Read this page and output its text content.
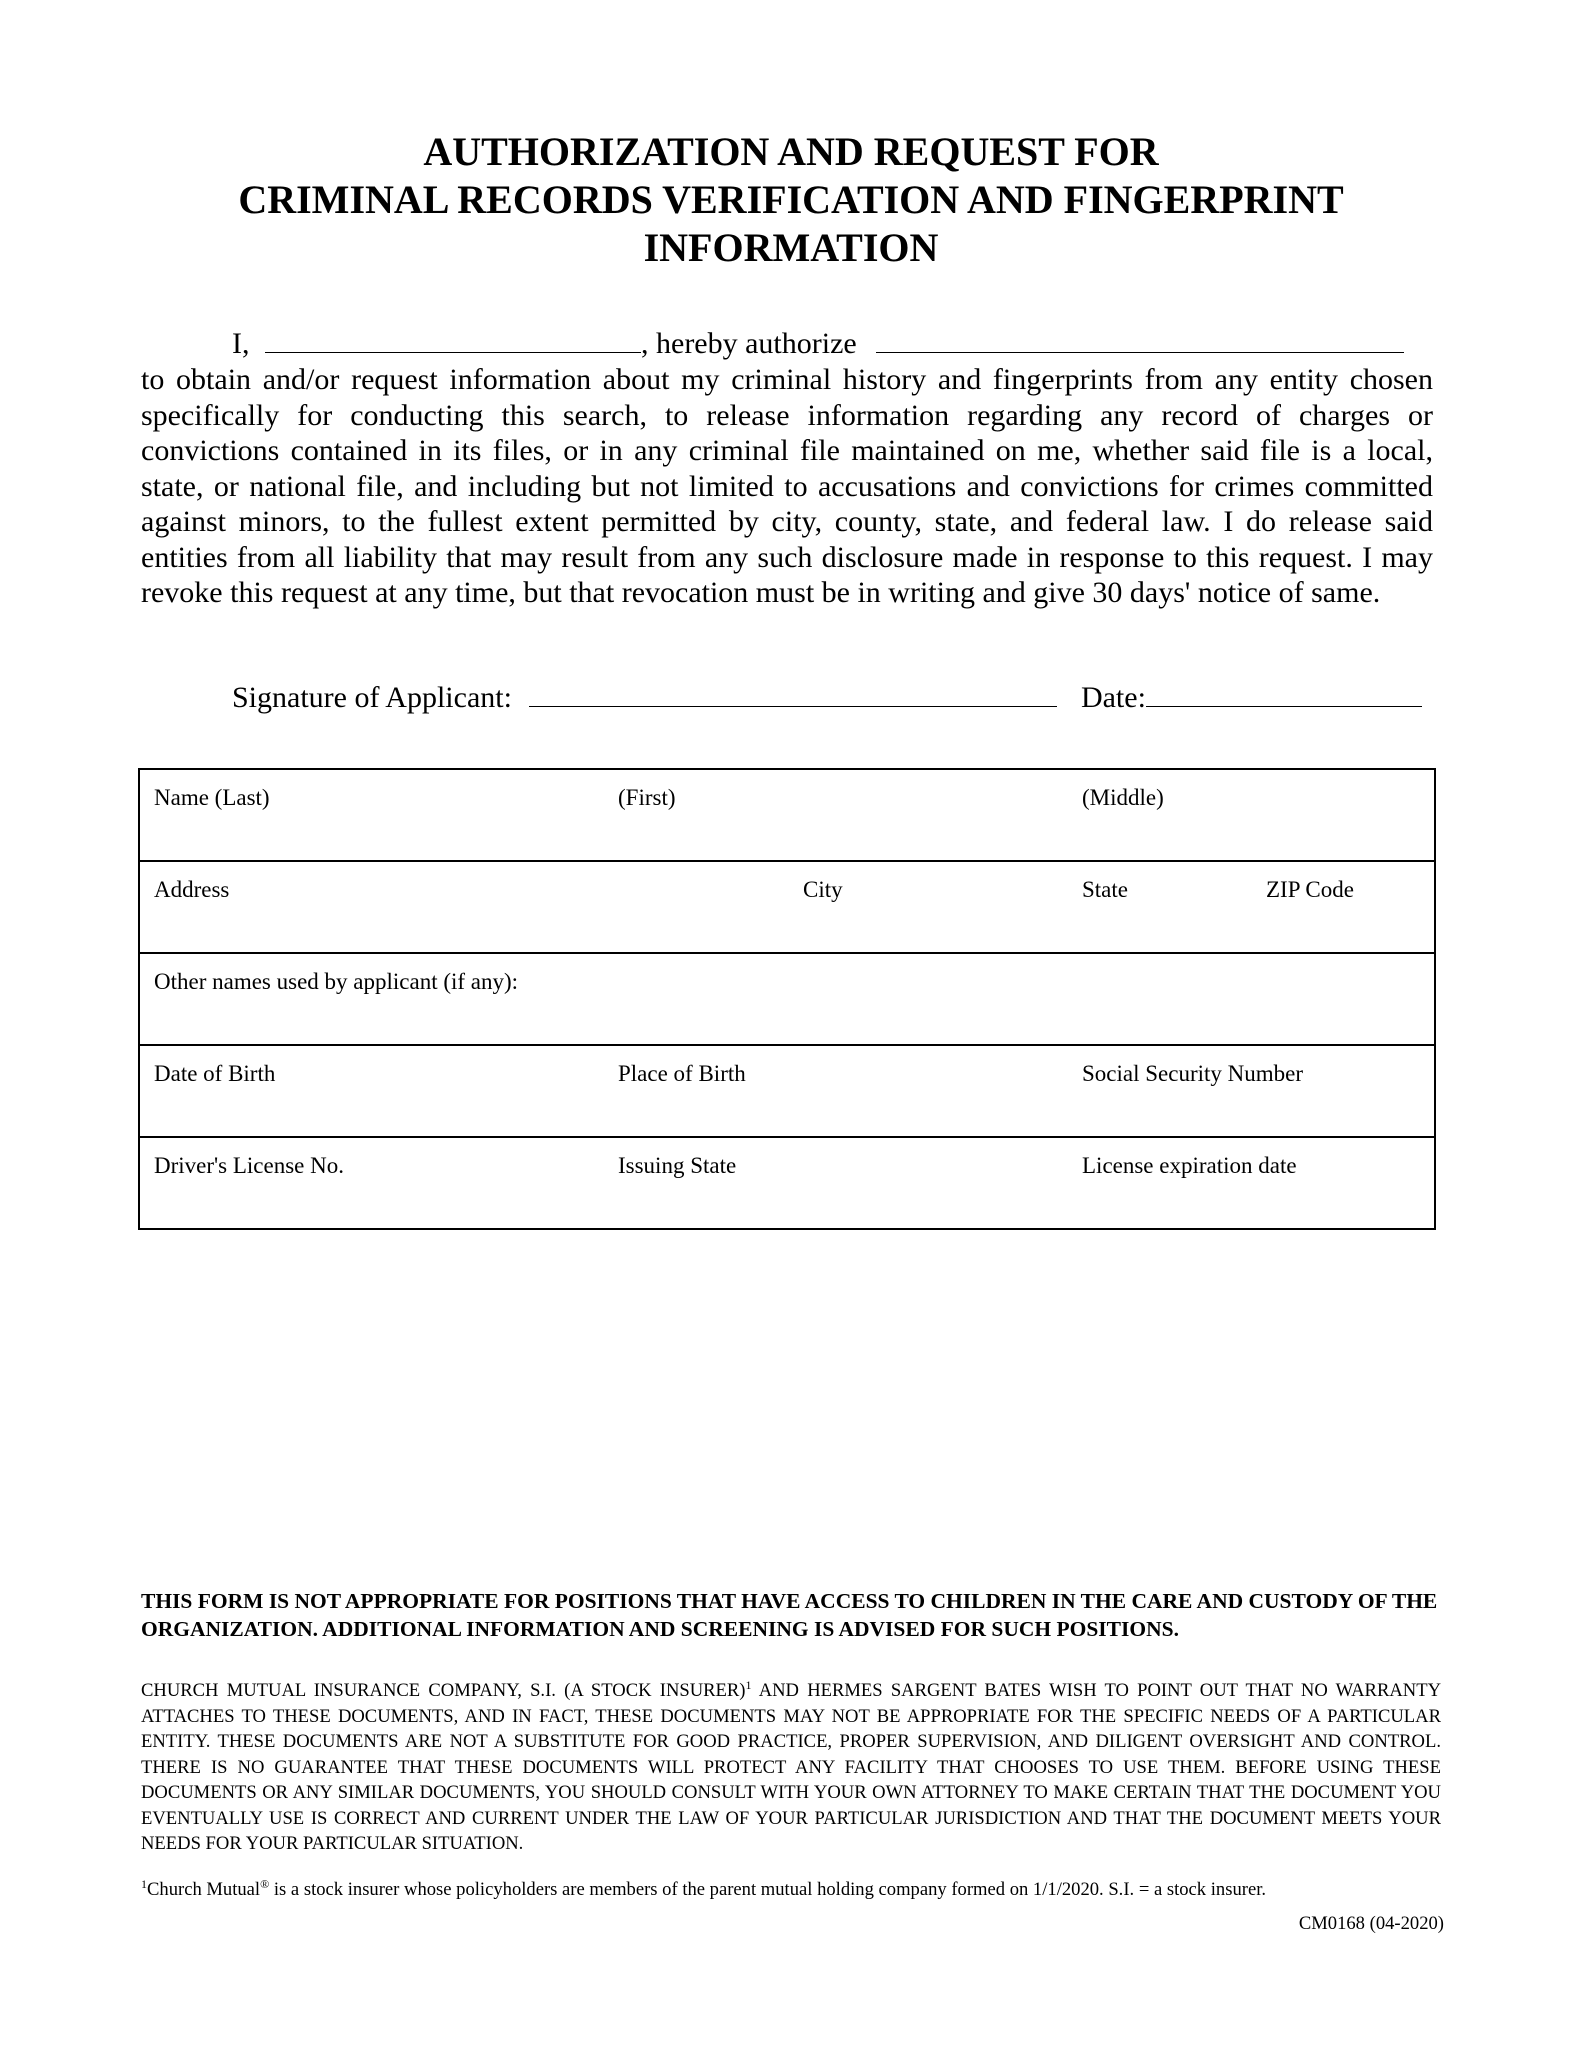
AUTHORIZATION AND REQUEST FOR
CRIMINAL RECORDS VERIFICATION AND FINGERPRINT
INFORMATION
I,	, hereby authorize
to obtain and/or request information about my criminal history and fingerprints from any entity chosen specifically for conducting this search, to release information regarding any record of charges or convictions contained in its files, or in any criminal file maintained on me, whether said file is a local, state, or national file, and including but not limited to accusations and convictions for crimes committed against minors, to the fullest extent permitted by city, county, state, and federal law. I do release said entities from all liability that may result from any such disclosure made in response to this request. I may revoke this request at any time, but that revocation must be in writing and give 30 days' notice of same.
Signature of Applicant:	Date:
Name (Last)	(First)	(Middle)
Address	City	State	ZIP Code
Other names used by applicant (if any):
Date of Birth	Place of Birth	Social Security Number
Driver's License No.	Issuing State	License expiration date
THIS FORM IS NOT APPROPRIATE FOR POSITIONS THAT HAVE ACCESS TO CHILDREN IN THE CARE AND CUSTODY OF THE ORGANIZATION. ADDITIONAL INFORMATION AND SCREENING IS ADVISED FOR SUCH POSITIONS.
CHURCH MUTUAL INSURANCE COMPANY, S.I. (A STOCK INSURER)$^1$ AND HERMES SARGENT BATES WISH TO POINT OUT THAT NO WARRANTY ATTACHES TO THESE DOCUMENTS, AND IN FACT, THESE DOCUMENTS MAY NOT BE APPROPRIATE FOR THE SPECIFIC NEEDS OF A PARTICULAR ENTITY. THESE DOCUMENTS ARE NOT A SUBSTITUTE FOR GOOD PRACTICE, PROPER SUPERVISION, AND DILIGENT OVERSIGHT AND CONTROL. THERE IS NO GUARANTEE THAT THESE DOCUMENTS WILL PROTECT ANY FACILITY THAT CHOOSES TO USE THEM. BEFORE USING THESE DOCUMENTS OR ANY SIMILAR DOCUMENTS, YOU SHOULD CONSULT WITH YOUR OWN ATTORNEY TO MAKE CERTAIN THAT THE DOCUMENT YOU EVENTUALLY USE IS CORRECT AND CURRENT UNDER THE LAW OF YOUR PARTICULAR JURISDICTION AND THAT THE DOCUMENT MEETS YOUR NEEDS FOR YOUR PARTICULAR SITUATION.
$^1$Church Mutual® is a stock insurer whose policyholders are members of the parent mutual holding company formed on 1/1/2020. S.I. = a stock insurer.
CM0168 (04-2020)
